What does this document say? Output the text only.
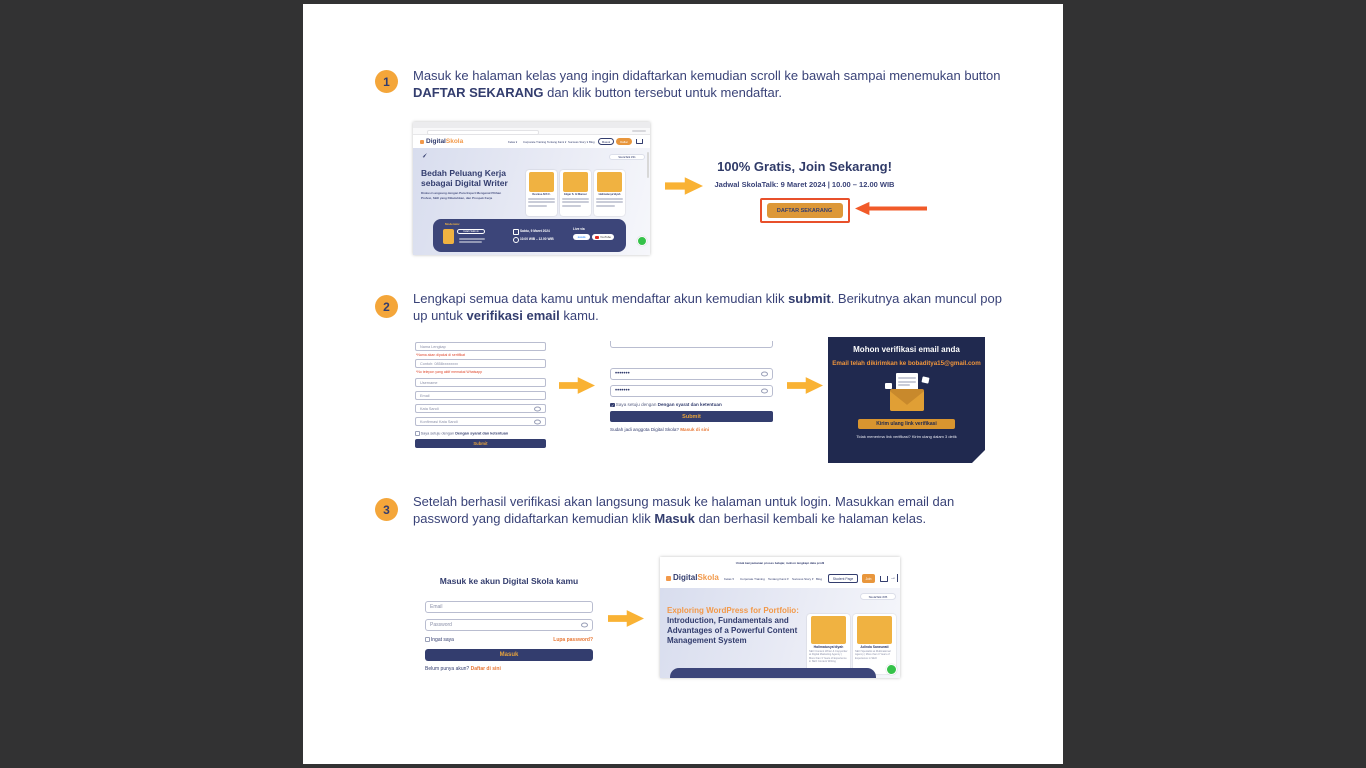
1	Masuk ke halaman kelas yang ingin didaftarkan kemudian scroll ke bawah sampai menemukan button DAFTAR SEKARANG dan klik button tersebut untuk mendaftar.
DigitalSkola	Kelas ▾ Corporate Training Tentang Kami ▾ Success Story ▾ Blog	Masuk	Daftar
SkolaTalk #31
Bedah Peluang Kerja sebagai Digital Writer
Diskusi Langsung dengan Para Expert Mengenal Pilihan Profesi, Skill yang Dibutuhkan, dan Prospek Kerja
Desnisa Afifi C.	Edgar S. Al Mansur	Halimatusya'diyah
Moderator
Indah Salimin	Sabtu, 9 Maret 2024
10.00 WIB – 12.00 WIB
Live via
zoom	YouTube
100% Gratis, Join Sekarang!
Jadwal SkolaTalk: 9 Maret 2024 | 10.00 – 12.00 WIB
DAFTAR SEKARANG
2
Lengkapi semua data kamu untuk mendaftar akun kemudian klik submit. Berikutnya akan muncul pop up untuk verifikasi email kamu.
Nama Lengkap
*Nama akan dipakai di sertifikat
Contoh: 0858xxxxxxxx
*No telepon yang aktif memakai Whatsapp
Username
Email
Kata Sandi
Konfirmasi Kata Sandi
Saya setuju dengan Dengan syarat dan ketentuan
Submit
•••••••
•••••••
✓ Saya setuju dengan Dengan syarat dan ketentuan
Submit
Sudah jadi anggota Digital Skola? Masuk di sini
Mohon verifikasi email anda
Email telah dikirimkan ke bobaditya15@gmail.com
Kirim ulang link verifikasi
Tidak menerima link verifikasi? Kirim ulang dalam 3 detik
3
Setelah berhasil verifikasi akan langsung masuk ke halaman untuk login. Masukkan email dan password yang didaftarkan kemudian klik Masuk dan berhasil kembali ke halaman kelas.
Masuk ke akun Digital Skola kamu
Email
Password
Ingat saya	Lupa password?
Masuk
Belum punya akun? Daftar di sini
Untuk kenyamanan proses belajar, mohon lengkapi data profil
DigitalSkola Kelas ▾ Corporate Training Tentang Kami ▾ Success Story ▾ Blog	Student Page	Join	→
SkolaTalk #35
Exploring WordPress for Portfolio: Introduction, Fundamentals and Advantages of a Powerful Content Management System
Halimatusya'diyah
SEO Content Writer & Copywriter at Digital Marketing Agency | More than 3 Years of Experience in SEO Content Writing
Adinda Saraswati
SEO Specialist at Multinational Agency | More than 3 Years of Experience in SEO
